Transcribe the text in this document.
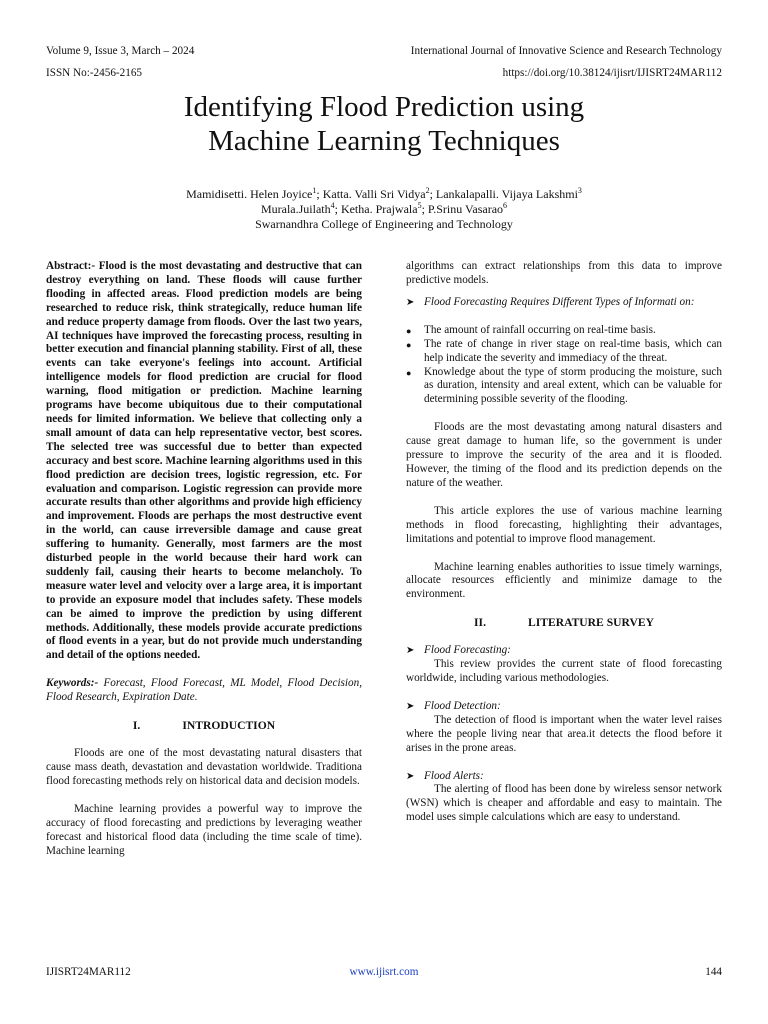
Volume 9, Issue 3, March – 2024	International Journal of Innovative Science and Research Technology
ISSN No:-2456-2165	https://doi.org/10.38124/ijisrt/IJISRT24MAR112
Identifying Flood Prediction using
Machine Learning Techniques
Mamidisetti. Helen Joyice$^1$; Katta. Valli Sri Vidya$^2$; Lankalapalli. Vijaya Lakshmi$^3$
Murala.Juilath$^4$; Ketha. Prajwala$^5$; P.Srinu Vasarao$^6$
Swarnandhra College of Engineering and Technology

Abstract:- Flood is the most devastating and destructive that can destroy everything on land. These floods will cause further flooding in affected areas. Flood prediction models are being researched to reduce risk, think strategically, reduce human life and reduce property damage from floods. Over the last two years, AI techniques have improved the forecasting process, resulting in better execution and financial planning stability. First of all, these events can take everyone's feelings into account. Artificial intelligence models for flood prediction are crucial for flood warning, flood mitigation or prediction. Machine learning programs have become ubiquitous due to their computational needs for limited information. We believe that collecting only a small amount of data can help representative vector, best scores. The selected tree was successful due to better than expected accuracy and best score. Machine learning algorithms used in this flood prediction are decision trees, logistic regression, etc. For evaluation and comparison. Logistic regression can provide more accurate results than other algorithms and provide high efficiency and improvement. Floods are perhaps the most destructive event in the world, can cause irreversible damage and cause great suffering to humanity. Generally, most farmers are the most disturbed people in the world because their hard work can suddenly fail, causing their hearts to become melancholy. To measure water level and velocity over a large area, it is important to provide an exposure model that includes safety. These models can be aimed to improve the prediction by using different methods. Additionally, these models provide accurate predictions of flood events in a year, but do not provide much understanding and detail of the options needed.

Keywords:- Forecast, Flood Forecast, ML Model, Flood Decision, Flood Research, Expiration Date.

I.	INTRODUCTION

Floods are one of the most devastating natural disasters that cause mass death, devastation and devastation worldwide. Traditiona flood forecasting methods rely on historical data and decision models.

Machine learning provides a powerful way to improve the accuracy of flood forecasting and predictions by leveraging weather forecast and historical flood data (including the time scale of time). Machine learning

algorithms can extract relationships from this data to improve predictive models.

➤ Flood Forecasting Requires Different Types of Informati on:

●	The amount of rainfall occurring on real-time basis.
●	The rate of change in river stage on real-time basis, which can help indicate the severity and immediacy of the threat.
●	Knowledge about the type of storm producing the moisture, such as duration, intensity and areal extent, which can be valuable for determining possible severity of the flooding.

Floods are the most devastating among natural disasters and cause great damage to human life, so the government is under pressure to improve the security of the area and it is flooded. However, the timing of the flood and its prediction depends on the nature of the weather.

This article explores the use of various machine learning methods in flood forecasting, highlighting their advantages, limitations and potential to improve flood management.

Machine learning enables authorities to issue timely warnings, allocate resources efficiently and minimize damage to the environment.

II.	LITERATURE SURVEY

➤ Flood Forecasting:

This review provides the current state of flood forecasting worldwide, including various methodologies.

➤ Flood Detection:

The detection of flood is important when the water level raises where the people living near that area.it detects the flood before it arises in the prone areas.

➤ Flood Alerts:

The alerting of flood has been done by wireless sensor network (WSN) which is cheaper and affordable and easy to maintain. The model uses simple calculations which are easy to understand.

IJISRT24MAR112	www.ijisrt.com	144
